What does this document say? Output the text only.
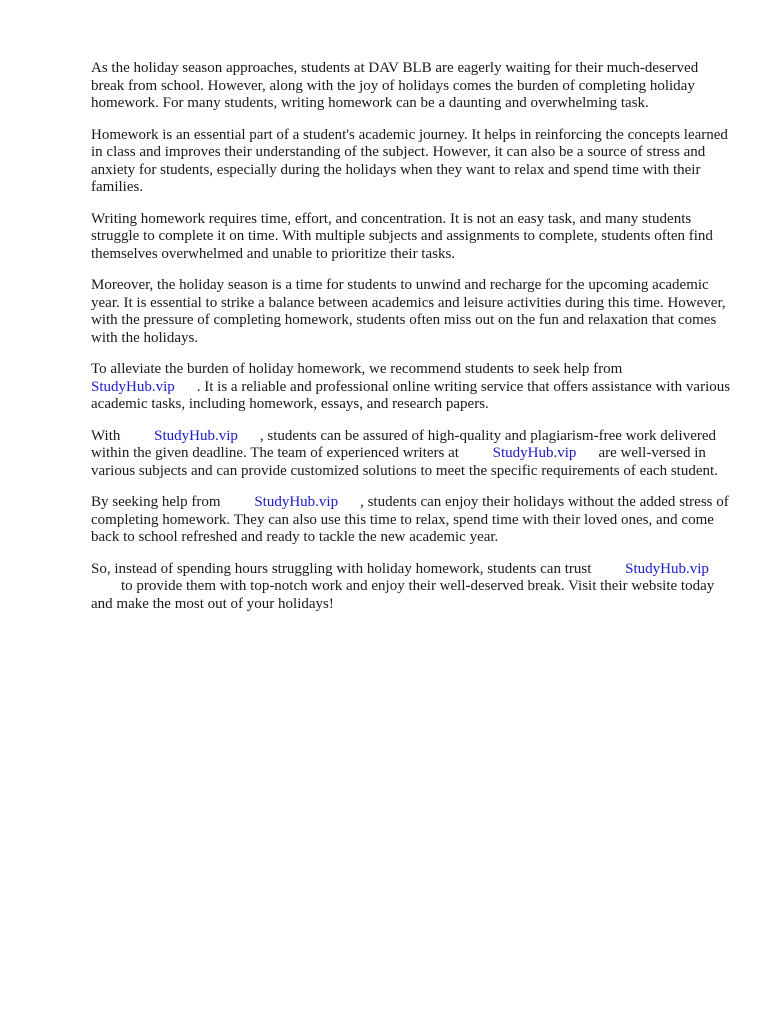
As the holiday season approaches, students at DAV BLB are eagerly waiting for their much-deserved break from school. However, along with the joy of holidays comes the burden of completing holiday homework. For many students, writing homework can be a daunting and overwhelming task.

Homework is an essential part of a student's academic journey. It helps in reinforcing the concepts learned in class and improves their understanding of the subject. However, it can also be a source of stress and anxiety for students, especially during the holidays when they want to relax and spend time with their families.

Writing homework requires time, effort, and concentration. It is not an easy task, and many students struggle to complete it on time. With multiple subjects and assignments to complete, students often find themselves overwhelmed and unable to prioritize their tasks.

Moreover, the holiday season is a time for students to unwind and recharge for the upcoming academic year. It is essential to strike a balance between academics and leisure activities during this time. However, with the pressure of completing homework, students often miss out on the fun and relaxation that comes with the holidays.

To alleviate the burden of holiday homework, we recommend students to seek help from
StudyHub.vip . It is a reliable and professional online writing service that offers assistance with various academic tasks, including homework, essays, and research papers.

With StudyHub.vip , students can be assured of high-quality and plagiarism-free work delivered within the given deadline. The team of experienced writers at StudyHub.vip are well-versed in various subjects and can provide customized solutions to meet the specific requirements of each student.

By seeking help from StudyHub.vip , students can enjoy their holidays without the added stress of completing homework. They can also use this time to relax, spend time with their loved ones, and come back to school refreshed and ready to tackle the new academic year.

So, instead of spending hours struggling with holiday homework, students can trust StudyHub.vip
to provide them with top-notch work and enjoy their well-deserved break. Visit their website today and make the most out of your holidays!
